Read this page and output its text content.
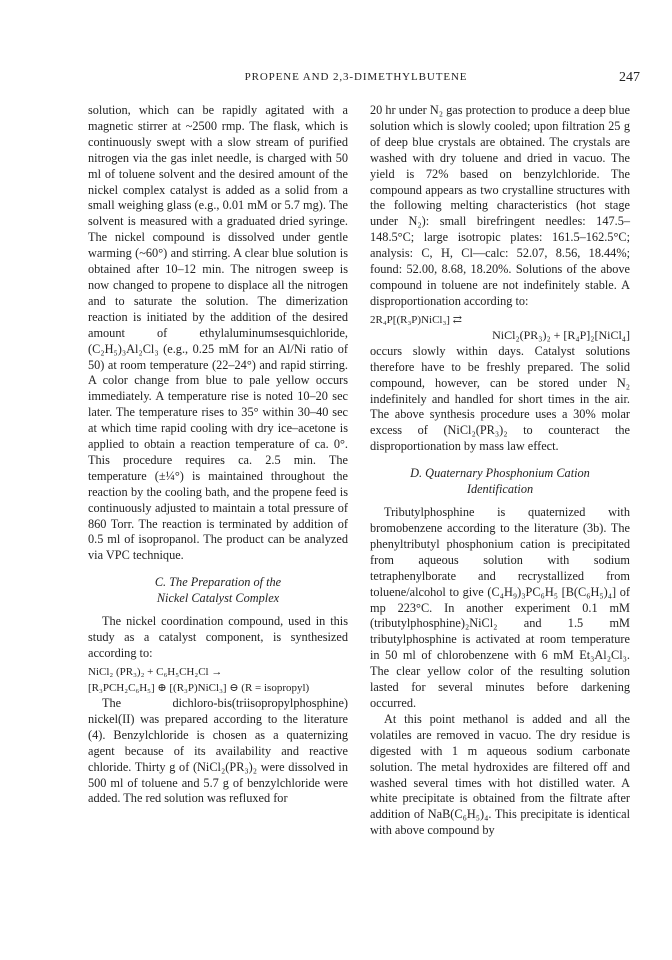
PROPENE AND 2,3-DIMETHYLBUTENE	247

solution, which can be rapidly agitated with a magnetic stirrer at ~2500 rmp. The flask, which is continuously swept with a slow stream of purified nitrogen via the gas inlet needle, is charged with 50 ml of toluene solvent and the desired amount of the nickel complex catalyst is added as a solid from a small weighing glass (e.g., 0.01 mM or 5.7 mg). The solvent is measured with a graduated dried syringe. The nickel compound is dissolved under gentle warming (~60°) and stirring. A clear blue solution is obtained after 10–12 min. The nitrogen sweep is now changed to propene to displace all the nitrogen and to saturate the solution. The dimerization reaction is initiated by the addition of the desired amount of ethylaluminumsesquichloride, (C₂H₅)₃Al₂Cl₃ (e.g., 0.25 mM for an Al/Ni ratio of 50) at room temperature (22–24°) and rapid stirring. A color change from blue to pale yellow occurs immediately. A temperature rise is noted 10–20 sec later. The temperature rises to 35° within 30–40 sec at which time rapid cooling with dry ice–acetone is applied to obtain a reaction temperature of ca. 0°. This procedure requires ca. 2.5 min. The temperature (±¼°) is maintained throughout the reaction by the cooling bath, and the propene feed is continuously adjusted to maintain a total pressure of 860 Torr. The reaction is terminated by addition of 0.5 ml of isopropanol. The product can be analyzed via VPC technique.

C. The Preparation of the
Nickel Catalyst Complex

The nickel coordination compound, used in this study as a catalyst component, is synthesized according to:

NiCl₂ (PR₃)₂ + C₆H₅CH₂Cl →

[R₃PCH₂C₆H₅] ⊕ [(R₃P)NiCl₃] ⊖ (R = isopropyl)

The dichloro-bis(triisopropylphosphine) nickel(II) was prepared according to the literature (4). Benzylchloride is chosen as a quaternizing agent because of its availability and reactive chloride. Thirty g of (NiCl₂(PR₃)₂ were dissolved in 500 ml of toluene and 5.7 g of benzylchloride were added. The red solution was refluxed for

20 hr under N₂ gas protection to produce a deep blue solution which is slowly cooled; upon filtration 25 g of deep blue crystals are obtained. The crystals are washed with dry toluene and dried in vacuo. The yield is 72% based on benzylchloride. The compound appears as two crystalline structures with the following melting characteristics (hot stage under N₂): small birefringent needles: 147.5–148.5°C; large isotropic plates: 161.5–162.5°C; analysis: C, H, Cl—calc: 52.07, 8.56, 18.44%; found: 52.00, 8.68, 18.20%. Solutions of the above compound in toluene are not indefinitely stable. A disproportionation according to:

2R₄P[(R₃P)NiCl₃] ⇄

NiCl₂(PR₃)₂ + [R₄P]₂[NiCl₄]

occurs slowly within days. Catalyst solutions therefore have to be freshly prepared. The solid compound, however, can be stored under N₂ indefinitely and handled for short times in the air. The above synthesis procedure uses a 30% molar excess of (NiCl₂(PR₃)₂ to counteract the disproportionation by mass law effect.

D. Quaternary Phosphonium Cation
Identification

Tributylphosphine is quaternized with bromobenzene according to the literature (3b). The phenyltributyl phosphonium cation is precipitated from aqueous solution with sodium tetraphenylborate and recrystallized from toluene/alcohol to give (C₄H₉)₃PC₆H₅ [B(C₆H₅)₄] of mp 223°C. In another experiment 0.1 mM (tributylphosphine)₂NiCl₂ and 1.5 mM tributylphosphine is activated at room temperature in 50 ml of chlorobenzene with 6 mM Et₃Al₂Cl₃. The clear yellow color of the resulting solution lasted for several minutes before darkening occurred.

At this point methanol is added and all the volatiles are removed in vacuo. The dry residue is digested with 1 m aqueous sodium carbonate solution. The metal hydroxides are filtered off and washed several times with hot distilled water. A white precipitate is obtained from the filtrate after addition of NaB(C₆H₅)₄. This precipitate is identical with above compound by
